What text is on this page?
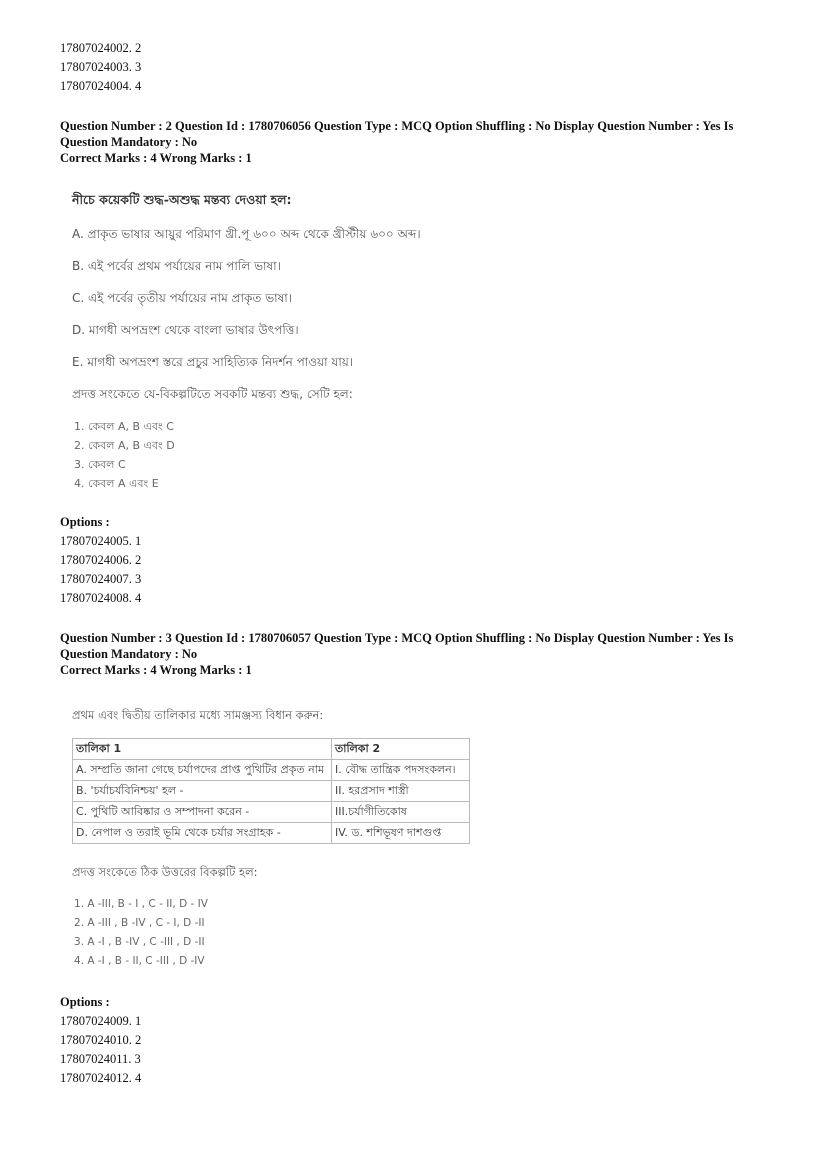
17807024002. 2
17807024003. 3
17807024004. 4
Question Number : 2 Question Id : 1780706056 Question Type : MCQ Option Shuffling : No Display Question Number : Yes Is
Question Mandatory : No
Correct Marks : 4 Wrong Marks : 1
নীচে কয়েকটি শুদ্ধ-অশুদ্ধ মন্তব্য দেওয়া হল:
A. প্রাকৃত ভাষার আয়ুর পরিমাণ খ্রী.পূ ৬০০ অব্দ থেকে খ্রীস্টীয় ৬০০ অব্দ।
B. এই পর্বের প্রথম পর্যায়ের নাম পালি ভাষা।
C. এই পর্বের তৃতীয় পর্যায়ের নাম প্রাকৃত ভাষা।
D. মাগধী অপভ্রংশ থেকে বাংলা ভাষার উৎপত্তি।
E. মাগধী অপভ্রংশ স্তরে প্রচুর সাহিত্যিক নিদর্শন পাওয়া যায়।
প্রদত্ত সংকেতে যে-বিকল্পটিতে সবকটি মন্তব্য শুদ্ধ, সেটি হল:
1. কেবল A, B এবং C
2. কেবল A, B এবং D
3. কেবল C
4. কেবল A এবং E
Options :
17807024005. 1
17807024006. 2
17807024007. 3
17807024008. 4
Question Number : 3 Question Id : 1780706057 Question Type : MCQ Option Shuffling : No Display Question Number : Yes Is
Question Mandatory : No
Correct Marks : 4 Wrong Marks : 1
প্রথম এবং দ্বিতীয় তালিকার মধ্যে সামঞ্জস্য বিধান করুন:
প্রদত্ত সংকেতে ঠিক উত্তরের বিকল্পটি হল:
1. A -III, B - I , C - II, D - IV
2. A -III , B -IV , C - I, D -II
3. A -I , B -IV , C -III , D -II
4. A -I , B - II, C -III , D -IV
তালিকা 1	তালিকা 2
A. সম্প্রতি জানা গেছে চর্যাপদের প্রাপ্ত পুথিটির প্রকৃত নাম	I. বৌদ্ধ তান্ত্রিক পদসংকলন।
B. 'চর্যাচর্যবিনিশ্চয়' হল -	II. হরপ্রসাদ শাস্ত্রী
C. পুথিটি আবিষ্কার ও সম্পাদনা করেন -	III.চর্যাগীতিকোষ
D. নেপাল ও তরাই ভূমি থেকে চর্যার সংগ্রাহক -	IV. ড. শশিভূষণ দাশগুপ্ত
Options :
17807024009. 1
17807024010. 2
17807024011. 3
17807024012. 4
